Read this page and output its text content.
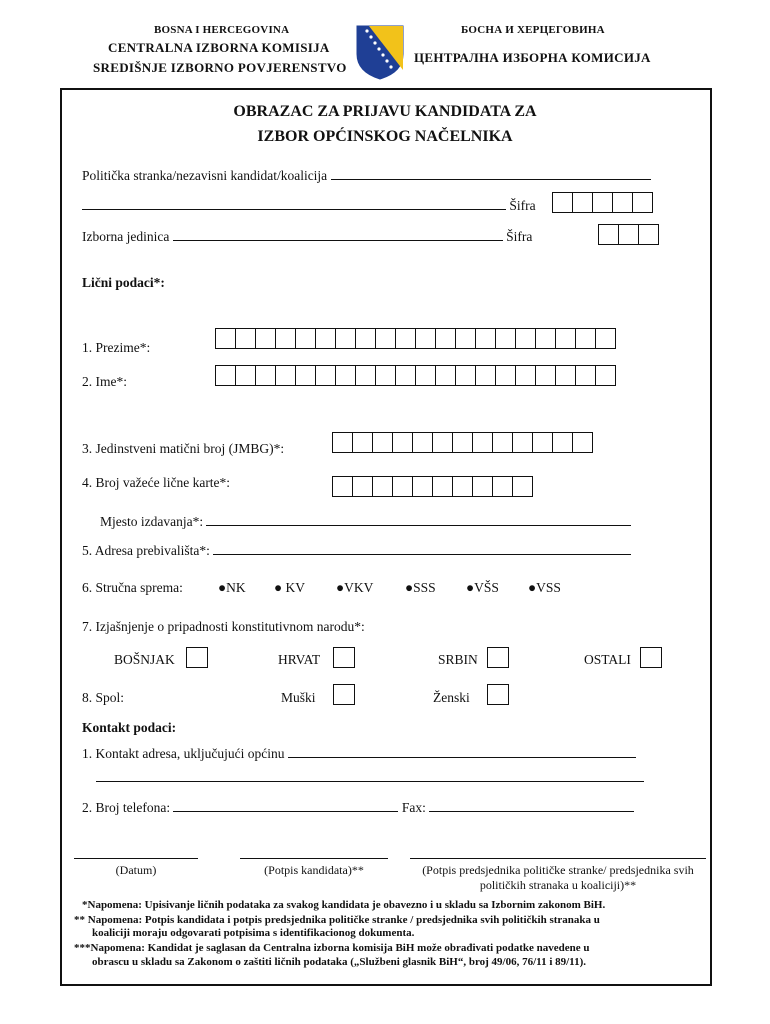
BOSNA I HERCEGOVINA
CENTRALNA IZBORNA KOMISIJA
SREDIŠNJE IZBORNO POVJERENSTVO
БОСНА И ХЕРЦЕГОВИНА
ЦЕНТРАЛНА ИЗБОРНА КОМИСИЈА
OBRAZAC ZA PRIJAVU KANDIDATA ZA
IZBOR OPĆINSKOG NAČELNIKA
Politička stranka/nezavisni kandidat/koalicija
Šifra
Izborna jedinica	Šifra
Lični podaci*:
1. Prezime*:
2. Ime*:
3. Jedinstveni matični broj (JMBG)*:
4. Broj važeće lične karte*:
Mjesto izdavanja*:
5. Adresa prebivališta*:
6. Stručna sprema:	●NK ● KV ●VKV ●SSS ●VŠS ●VSS
7. Izjašnjenje o pripadnosti konstitutivnom narodu*:
BOŠNJAK	HRVAT	SRBIN	OSTALI
8. Spol:	Muški	Ženski
Kontakt podaci:
1. Kontakt adresa, uključujući općinu
2. Broj telefona:	Fax:
(Datum)	(Potpis kandidata)**	(Potpis predsjednika političke stranke/ predsjednika svih
političkih stranaka u koaliciji)**
*Napomena: Upisivanje ličnih podataka za svakog kandidata je obavezno i u skladu sa Izbornim zakonom BiH.
** Napomena: Potpis kandidata i potpis predsjednika političke stranke / predsjednika svih političkih stranaka u
koaliciji moraju odgovarati potpisima s identifikacionog dokumenta.
***Napomena: Kandidat je saglasan da Centralna izborna komisija BiH može obrađivati podatke navedene u
obrascu u skladu sa Zakonom o zaštiti ličnih podataka („Službeni glasnik BiH“, broj 49/06, 76/11 i 89/11).
